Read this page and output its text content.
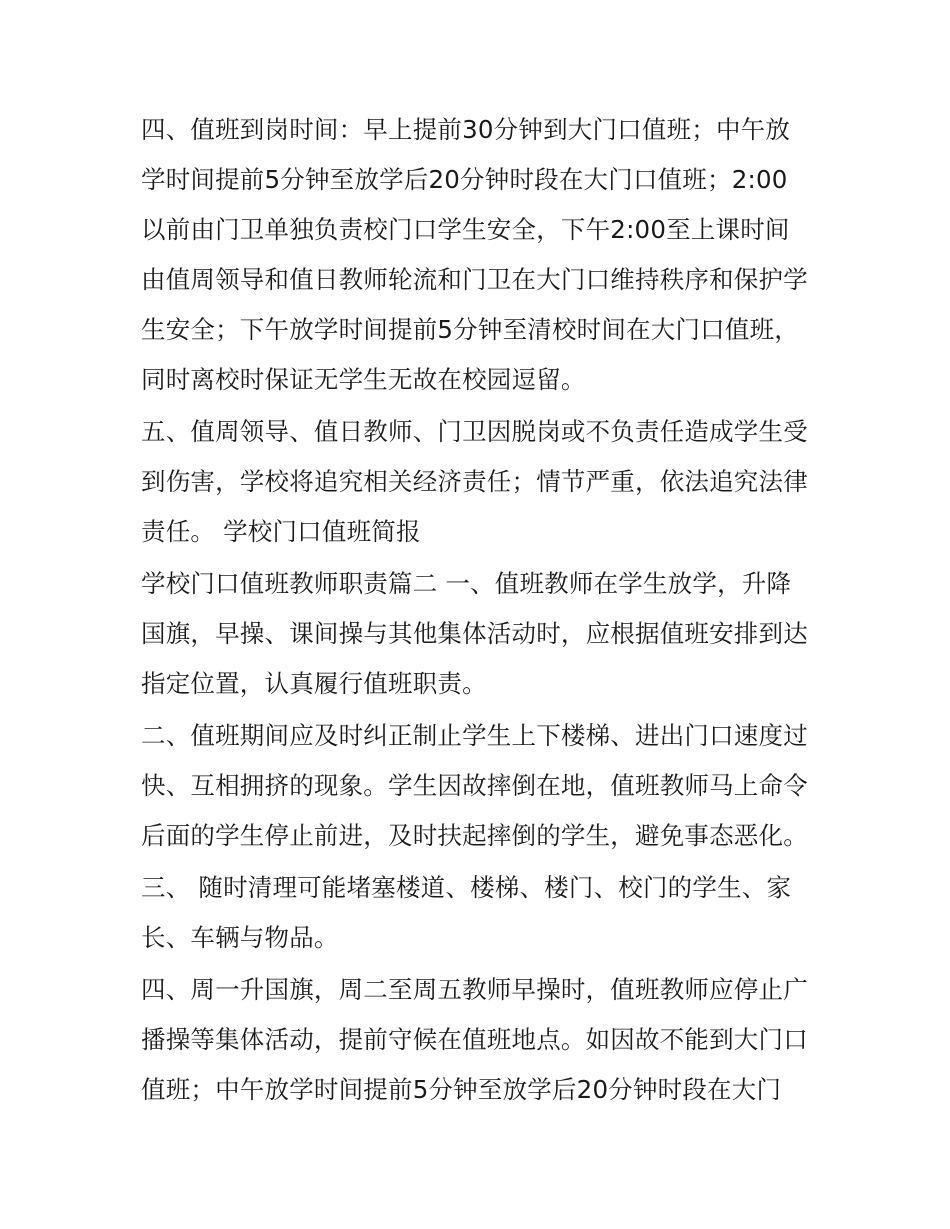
四、值班到岗时间：早上提前30分钟到大门口值班；中午放

学时间提前5分钟至放学后20分钟时段在大门口值班；2:00

以前由门卫单独负责校门口学生安全，下午2:00至上课时间

由值周领导和值日教师轮流和门卫在大门口维持秩序和保护学

生安全；下午放学时间提前5分钟至清校时间在大门口值班，

同时离校时保证无学生无故在校园逗留。

五、值周领导、值日教师、门卫因脱岗或不负责任造成学生受

到伤害，学校将追究相关经济责任；情节严重，依法追究法律

责任。 学校门口值班简报

学校门口值班教师职责篇二 一、值班教师在学生放学，升降

国旗，早操、课间操与其他集体活动时，应根据值班安排到达

指定位置，认真履行值班职责。

二、值班期间应及时纠正制止学生上下楼梯、进出门口速度过

快、互相拥挤的现象。学生因故摔倒在地，值班教师马上命令

后面的学生停止前进，及时扶起摔倒的学生，避免事态恶化。

三、 随时清理可能堵塞楼道、楼梯、楼门、校门的学生、家

长、车辆与物品。

四、周一升国旗，周二至周五教师早操时，值班教师应停止广

播操等集体活动，提前守候在值班地点。如因故不能到大门口

值班；中午放学时间提前5分钟至放学后20分钟时段在大门
